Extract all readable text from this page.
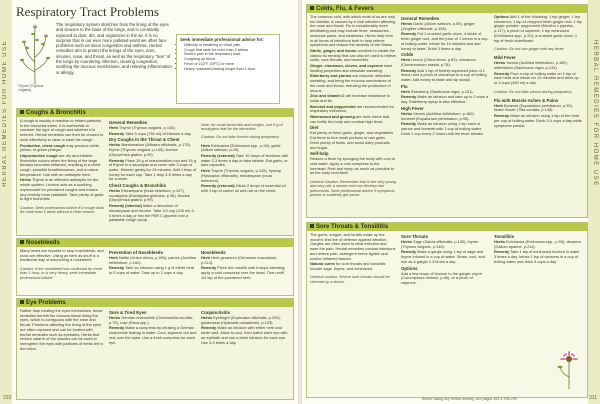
HERBAL REMEDIES FOR HOME USE
310
Respiratory Tract Problems
Thyme (Thymus vulgaris)

The respiratory system stretches from the lining of the eyes and sinuses to the base of the lungs, and is constantly exposed to dust, dirt, and organisms in the air. It is no surprise that in our ever more polluted world we often face problems such as sinus congestion and asthma. Herbal remedies aim to protect the linings of the eyes, ears, sinuses, nose, and throat, as well as the respiratory "tree" of the lungs by countering infection, clearing congestion, soothing the mucous membranes, and relieving inflammation or allergy.

Seek immediate professional advice for:
• Difficulty in breathing or chest pain
• Cough that lasts for more than 2 weeks
• Severe pain in the respiratory tract
• Coughing up blood
• Fever of 102°F (39°C) or more
• Heavy nosebleed lasting longer than 1 hour
Coughs & Bronchitis

A cough is usually a reaction to irritant particles in the bronchial tubes. It is worthwhile to consider the type of cough and whether it is entered. Herbal remedies can then be chosen to work effectively to clear or ease the cough.

Productive, chest cough may produce white, yellow, or green phlegm.

Unproductive cough are dry and irritable. Bronchitis occurs when the lining of the large airways becomes inflamed, resulting in a chest cough, possible breathlessness, and a raised temperature. Use with an antiseptic herb.

Herbs Thyme is an effective antiseptic for the whole system. Licorice acts as a soothing expectorant for persistent coughs and makes any remedy more palatable. Take plenty of garlic to fight bronchitis.

Caution: Seek professional advice if a cough lasts for more than 1 week without a clear reason.

General Remedies

Herb Thyme (Thymus vulgaris, p.145).

Remedy Take 5 cups (750 ml) of infusion a day.

Dry Coughs in the Throat & Chest

Herbs Marshmallow (Althaea officinalis, p.175), thyme (Thymus vulgaris, p.145), licorice (Glycyrrhiza glabra, p.99).

Remedy Place 15 g of marshmallow root and 15 g of thyme in a saucepan and cover with 3 cups of water. Simmer gently for 15 minutes. Add 1 tbsp of honey for each cup. Take 1 tbsp 3-5 times a day for a week.

Chest Coughs & Bronchitis

Herbs Elecampane (Inula helenium, p.107), eucalyptus (Eucalyptus globulus, p.96), licorice (Glycyrrhiza glabra, p.99).

Remedy (internal) Make a decoction of elecampane and licorice. Take 1/2 cup (100 ml) 3-4 times a day or mix the PAR C glycerin into a palatable cough syrup.

Note: for acute bronchitis and coughs, use 5 g of eucalyptus leaf for the decoction.

Caution: Do not take licorice during pregnancy.

Herb Echinacea (Echinacea spp., p.90), garlic (Allium sativum, p.29).

Remedy (external) Take 10 drops of tinctures with water 2-3 times a day or take tablets. Eat garlic, or take capsules.

Herb Thyme (Thymus vulgaris, p.145), hyssop (Hyssopus officinalis), elecampane (Inula helenium).

Remedy (external) Dilute 2 drops of essential oil with 1 tsp of carrier oil and rub on the chest.

Nosebleeds

Many herbs are reputed to stop nosebleeds, and most are effective. Using an herb as snuff is a traditional way of staunching a nosebleed.

Caution: If the nosebleed has continued for more than 1 hour, or is very heavy, seek immediate professional advice.

Prevention of Nosebleeds

Herb Nettle (Urtica dioica, p.289), yarrow (Achillea millefolium, p.160).

Remedy Take an infusion using 1 g of either herb to 5 cups of water. Take up to 2 cups a day.

Nosebleeds

Herb Herb geranium (Geranium maculatum, p.213).

Remedy Pinch the nostrils until it stops bleeding; apply a cold compress over the head. Then sniff 1/4 tsp of the powdered herb.

Eye Problems

Rather than treating the eyes themselves, these remedies benefit the mucous tissue lining the eyes, which is contiguous with the nose and throat. Problems affecting the lining of the eyes are often exposed and can be treated with herbal remedies such as eyebaths. Herbs that reduce catarrh of the sinuses can be used to strengthen the eyes with particles of herbs left in the lotion.

Sore & Tired Eyes

Herbs German chamomile (Chamomilla recutita, p.75), rose (Rosa spp.).

Remedy Make a compress by infusing a German chamomile teabag in water. Cool, squeeze out and rest over the eyes. Use a fresh compress for each eye.

Conjunctivitis

Herbs Eyebright (Euphrasia officinalis, p.209), goldenseal (Hydrastis canadensis, p.103).

Remedy Make an infusion with either herb and strain well. Allow to cool, then bathe each eye with an eyebath and use a fresh infusion for each eye. Use 3-4 times a day.

HERBAL REMEDIES FOR HOME USE
311
Colds, Flu, & Fevers

The common cold, with which most of us are only too familiar, is caused by a viral infection affecting the nose and throat. Flu is considerably more debilitating and may include fever, headaches, muscular pains, and weakness. Herbs help here in all forms of infections both to help relieve symptoms and reduce the severity of the illness.

Garlic, ginger, and lemon combine to create the classic flu remedy that can also be used to relieve colds, sore throats, and bronchitis.

Ginger, cinnamon, cloves, and cayenne have heating properties and stimulate sweating.

Elderberry and yarrow are relaxant, stimulate sweating, and bring the mucous membranes of the nose and throat, reducing the production of mucus.

Zinc and vitamin C will increase resistance to colds and flu.

Boneset and peppermint are recommended for respiratory infections.

Warmwood and ginseng are tonic herbs that can fortify the body and combat high fever.

Diet

Eat plenty of fresh garlic, ginger, and vegetables. Eat three to four small portions of raw garlic. Drink plenty of fluids, and avoid dairy products and sugar.

Self-help

Reduce a fever by sponging the body with cool or cold water. Apply a cold compress to the forehead. Rest and sleep as much as possible to let the body heal itself.

General Caution: Remember that in the very young and very old, a severe cold can develop into pneumonia. Seek professional advice if symptoms persist or suddenly get worse.

General Remedies

Herbs Garlic (Allium sativum, p.59), ginger (Zingiber officinale, p.156).

Remedy Put 1 crushed garlic clove, 4 slices of fresh ginger root, and the juice of 1 lemon in a cup of boiling water. Infuse for 10 minutes and add honey to taste. Drink 3 times a day.

Colds

Herb Lemon (Citrus limon, p.82), cinnamon (Cinnamomum cassia, p.78).

Remedy Add 1 tsp of freshly squeezed juice of 1 lemon and a pinch of cinnamon to a cup of boiling water. Add honey to taste and sip slowly.

Flu

Herb Elderberry (Sambucus nigra, p.131).

Remedy Make an infusion and take up to 3 cups a day. Elderberry syrup is also effective.

High Fever

Herbs Yarrow (Achillea millefolium, p.160), boneset (Eupatorium perfoliatum, p.95).

Remedy Make an infusion using 1 tsp each of yarrow and boneset with 1 cup of boiling water. Drink 1 cup every 2 hours until the fever breaks.

Options Add 1 of the following: 1 tsp ginger; 1 tsp cinnamon; 1 tsp of chopped fresh ginger root; 1 tsp ginger powder; peppermint (Mentha x piperita, p.117); a pinch of cayenne; 1 tsp echinacea (Echinacea spp., p.90); a crushed garlic clove; 1 tsp of fresh elderflower.

Caution: Do not use ginger with any fever.

Mild Fever

Herbs Yarrow (Achillea millefolium, p.160), elderflower (Sambucus nigra, p.131).

Remedy Pour a cup of boiling water on 1 tsp of each herb and infuse for 10 minutes and drink up to 3 cups (450 ml) a day.

Caution: Do not take yarrow during pregnancy.

Flu with Muscle Aches & Pains

Herb Boneset (Eupatorium perfoliatum, p.95), linden flower (Tilia cordata, p.146).

Remedy Make an infusion using 1 tsp of the herb per cup of boiling water. Drink 3-4 cups a day while symptoms persist.

Sore Throats & Tonsillitis

The gums, tongue, and tonsils make up the mouth's first line of defense against infection. Gargles are often used to clear infection and ease the pain. Herbal remedies combat infections and relieve pain, astringent herbs tighten and soothe inflamed tissues.

Natural cures for sore throats and tonsillitis include sage, thyme, and echinacea.

General caution: Severe sore throats should be checked by a doctor.

Sore Throats

Herbs Sage (Salvia officinalis, p.130), thyme (Thymus vulgaris, p.145).

Remedy Make a gargle using 1 tsp of sage and thyme infused in a cup of water. Strain, cool, and use as a gargle 2-3 times a day.

Options

Add a few drops of tincture to the gargle: myrrh (Commiphora molmol, p.86), or a pinch of cayenne.

Tonsillitis

Herbs Echinacea (Echinacea spp., p.90), cleavers (Galium aparine, p.211).

Remedy Take 1 tsp of echinacea tincture in water 3 times a day. Infuse 1 tsp of cleavers in a cup of boiling water and drink 3 cups a day.

Before taking any herbal remedy, see pages 304 & 298-299
